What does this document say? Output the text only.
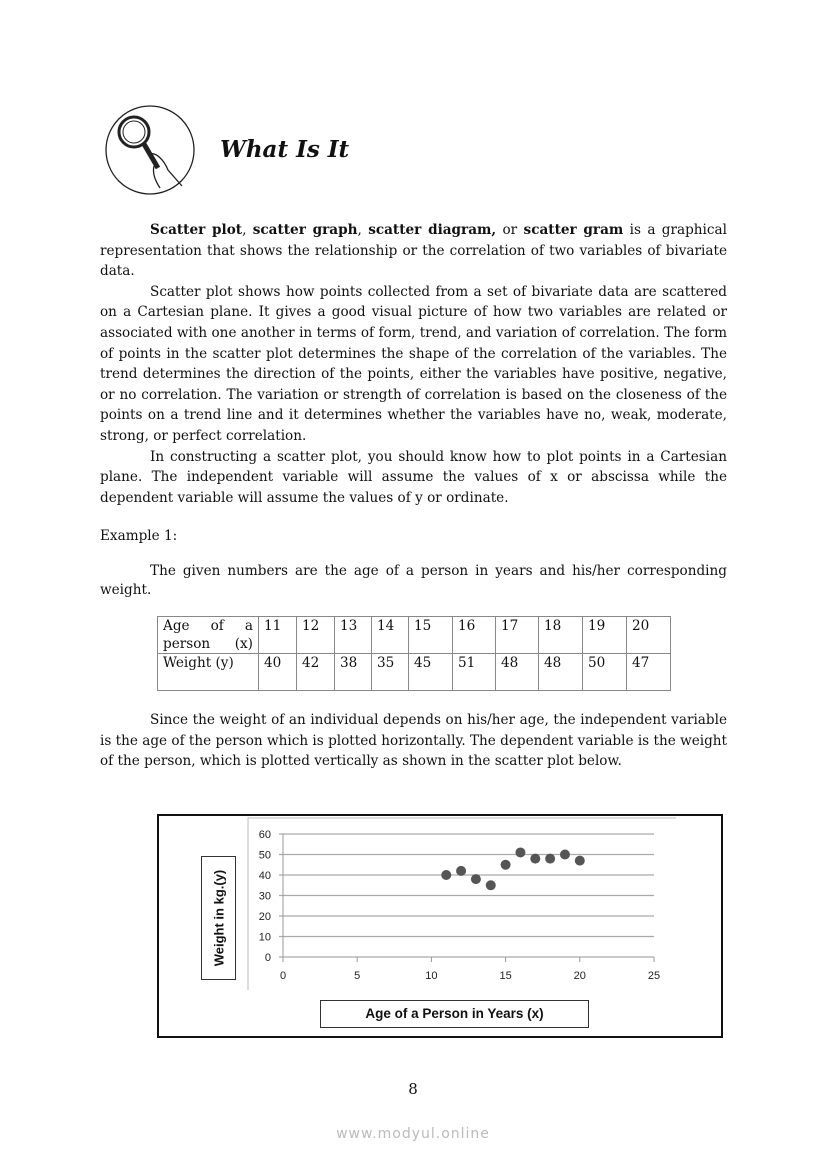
What Is It

Scatter plot, scatter graph, scatter diagram, or scatter gram is a graphical representation that shows the relationship or the correlation of two variables of bivariate data.

Scatter plot shows how points collected from a set of bivariate data are scattered on a Cartesian plane. It gives a good visual picture of how two variables are related or associated with one another in terms of form, trend, and variation of correlation. The form of points in the scatter plot determines the shape of the correlation of the variables. The trend determines the direction of the points, either the variables have positive, negative, or no correlation. The variation or strength of correlation is based on the closeness of the points on a trend line and it determines whether the variables have no, weak, moderate, strong, or perfect correlation.

In constructing a scatter plot, you should know how to plot points in a Cartesian plane. The independent variable will assume the values of x or abscissa while the dependent variable will assume the values of y or ordinate.

Example 1:

The given numbers are the age of a person in years and his/her corresponding weight.

Age of a person (x)	11	12	13	14	15	16	17	18	19	20
Weight (y)	40	42	38	35	45	51	48	48	50	47

Since the weight of an individual depends on his/her age, the independent variable is the age of the person which is plotted horizontally. The dependent variable is the weight of the person, which is plotted vertically as shown in the scatter plot below.

0
10
20
30
40
50
60
0	5	10	15	20	25
Weight in kg.(y)
Age of a Person in Years (x)
8
www.modyul.online
